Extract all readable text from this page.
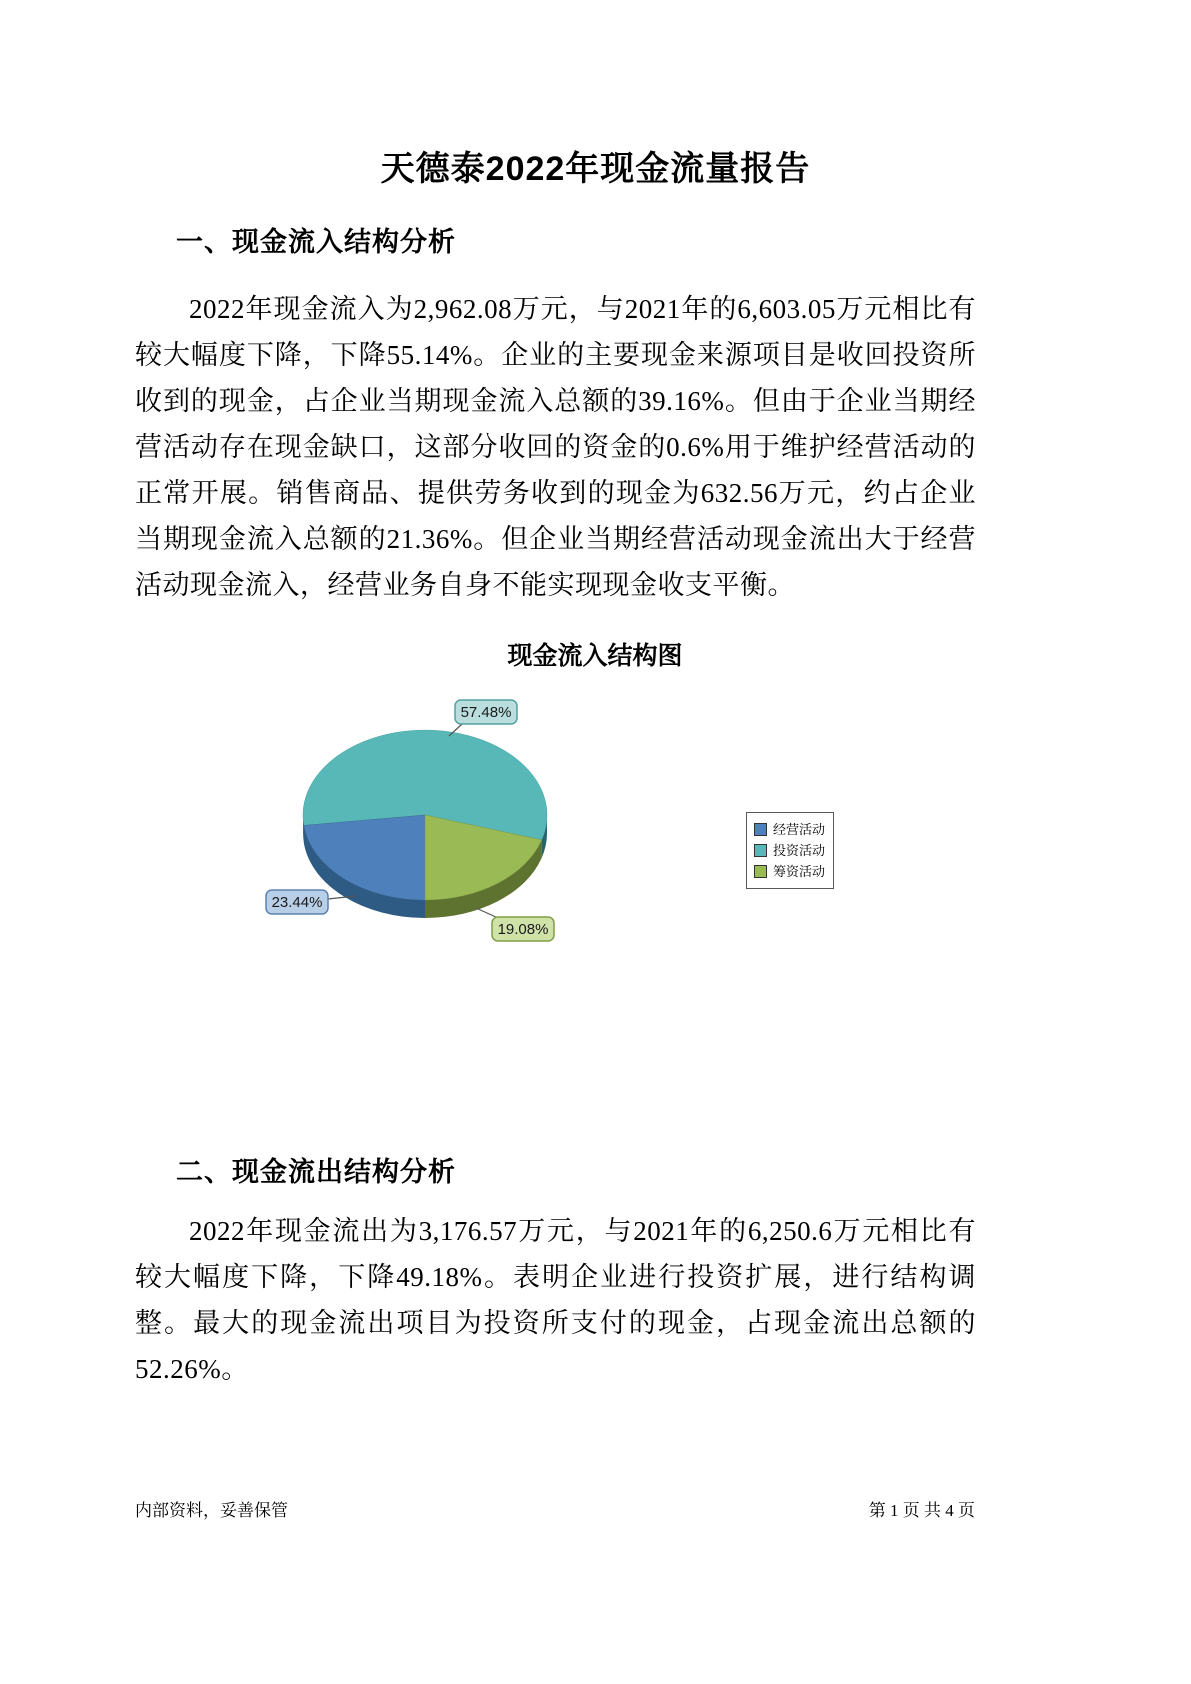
天德泰2022年现金流量报告
一、现金流入结构分析
2022年现金流入为2,962.08万元，与2021年的6,603.05万元相比有较大幅度下降，下降55.14%。企业的主要现金来源项目是收回投资所收到的现金，占企业当期现金流入总额的39.16%。但由于企业当期经营活动存在现金缺口，这部分收回的资金的0.6%用于维护经营活动的正常开展。销售商品、提供劳务收到的现金为632.56万元，约占企业当期现金流入总额的21.36%。但企业当期经营活动现金流出大于经营活动现金流入，经营业务自身不能实现现金收支平衡。
现金流入结构图
57.48%
23.44%
19.08%
经营活动
投资活动
筹资活动
二、现金流出结构分析
2022年现金流出为3,176.57万元，与2021年的6,250.6万元相比有较大幅度下降，下降49.18%。表明企业进行投资扩展，进行结构调整。最大的现金流出项目为投资所支付的现金，占现金流出总额的52.26%。
内部资料，妥善保管	第 1 页 共 4 页
